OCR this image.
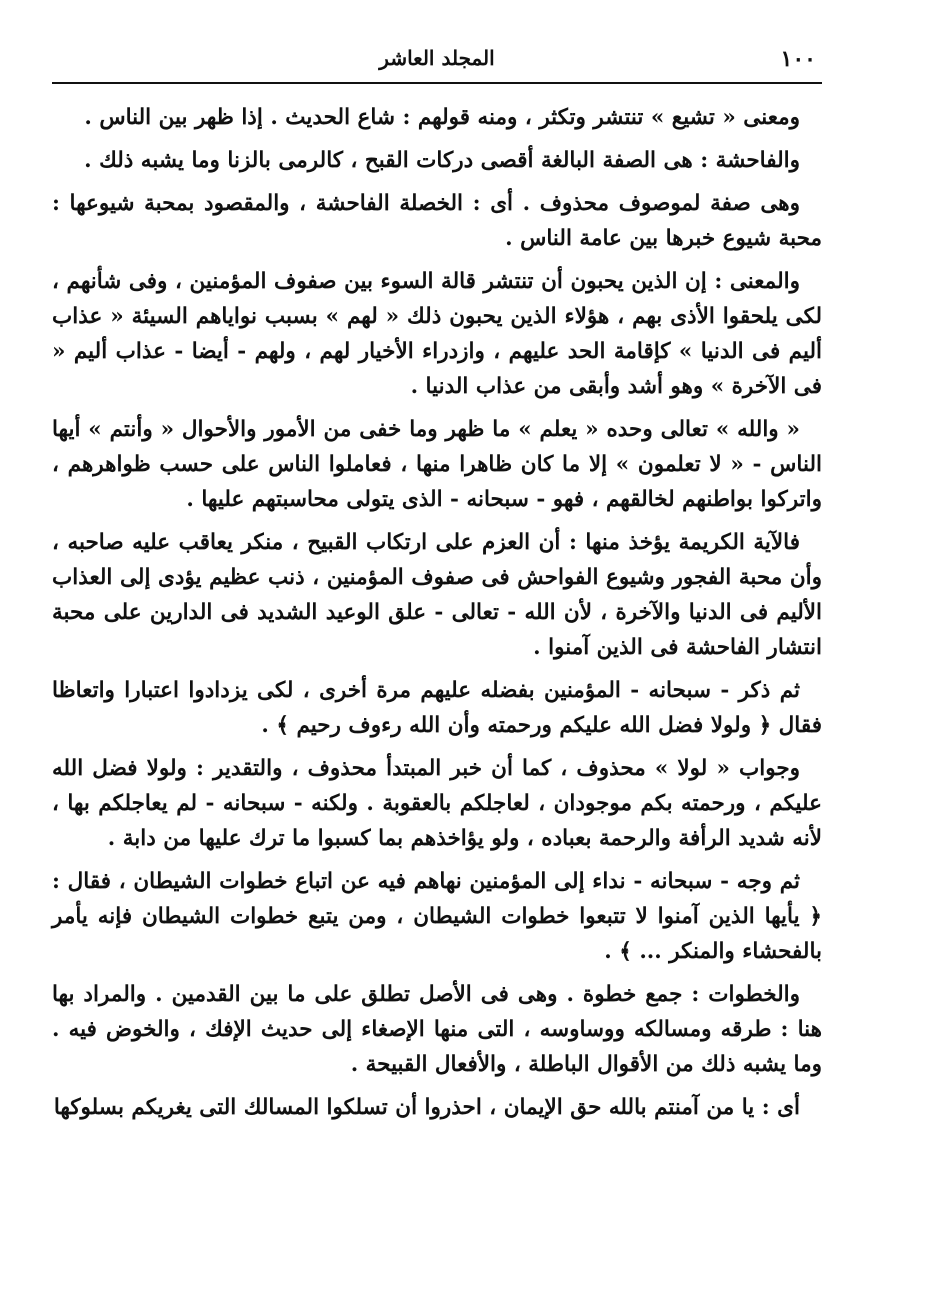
١٠٠
المجلد العاشر

ومعنى « تشيع » تنتشر وتكثر ، ومنه قولهم : شاع الحديث . إذا ظهر بين الناس .

والفاحشة : هى الصفة البالغة أقصى دركات القبح ، كالرمى بالزنا وما يشبه ذلك .

وهى صفة لموصوف محذوف . أى : الخصلة الفاحشة ، والمقصود بمحبة شيوعها : محبة شيوع خبرها بين عامة الناس .

والمعنى : إن الذين يحبون أن تنتشر قالة السوء بين صفوف المؤمنين ، وفى شأنهم ، لكى يلحقوا الأذى بهم ، هؤلاء الذين يحبون ذلك « لهم » بسبب نواياهم السيئة « عذاب أليم فى الدنيا » كإقامة الحد عليهم ، وازدراء الأخيار لهم ، ولهم - أيضا - عذاب أليم « فى الآخرة » وهو أشد وأبقى من عذاب الدنيا .

« والله » تعالى وحده « يعلم » ما ظهر وما خفى من الأمور والأحوال « وأنتم » أيها الناس - « لا تعلمون » إلا ما كان ظاهرا منها ، فعاملوا الناس على حسب ظواهرهم ، واتركوا بواطنهم لخالقهم ، فهو - سبحانه - الذى يتولى محاسبتهم عليها .

فالآية الكريمة يؤخذ منها : أن العزم على ارتكاب القبيح ، منكر يعاقب عليه صاحبه ، وأن محبة الفجور وشيوع الفواحش فى صفوف المؤمنين ، ذنب عظيم يؤدى إلى العذاب الأليم فى الدنيا والآخرة ، لأن الله - تعالى - علق الوعيد الشديد فى الدارين على محبة انتشار الفاحشة فى الذين آمنوا .

ثم ذكر - سبحانه - المؤمنين بفضله عليهم مرة أخرى ، لكى يزدادوا اعتبارا واتعاظا فقال ﴿ ولولا فضل الله عليكم ورحمته وأن الله رءوف رحيم ﴾ .

وجواب « لولا » محذوف ، كما أن خبر المبتدأ محذوف ، والتقدير : ولولا فضل الله عليكم ، ورحمته بكم موجودان ، لعاجلكم بالعقوبة . ولكنه - سبحانه - لم يعاجلكم بها ، لأنه شديد الرأفة والرحمة بعباده ، ولو يؤاخذهم بما كسبوا ما ترك عليها من دابة .

ثم وجه - سبحانه - نداء إلى المؤمنين نهاهم فيه عن اتباع خطوات الشيطان ، فقال : ﴿ يأيها الذين آمنوا لا تتبعوا خطوات الشيطان ، ومن يتبع خطوات الشيطان فإنه يأمر بالفحشاء والمنكر ... ﴾ .

والخطوات : جمع خطوة . وهى فى الأصل تطلق على ما بين القدمين . والمراد بها هنا : طرقه ومسالكه ووساوسه ، التى منها الإصغاء إلى حديث الإفك ، والخوض فيه . وما يشبه ذلك من الأقوال الباطلة ، والأفعال القبيحة .

أى : يا من آمنتم بالله حق الإيمان ، احذروا أن تسلكوا المسالك التى يغريكم بسلوكها
